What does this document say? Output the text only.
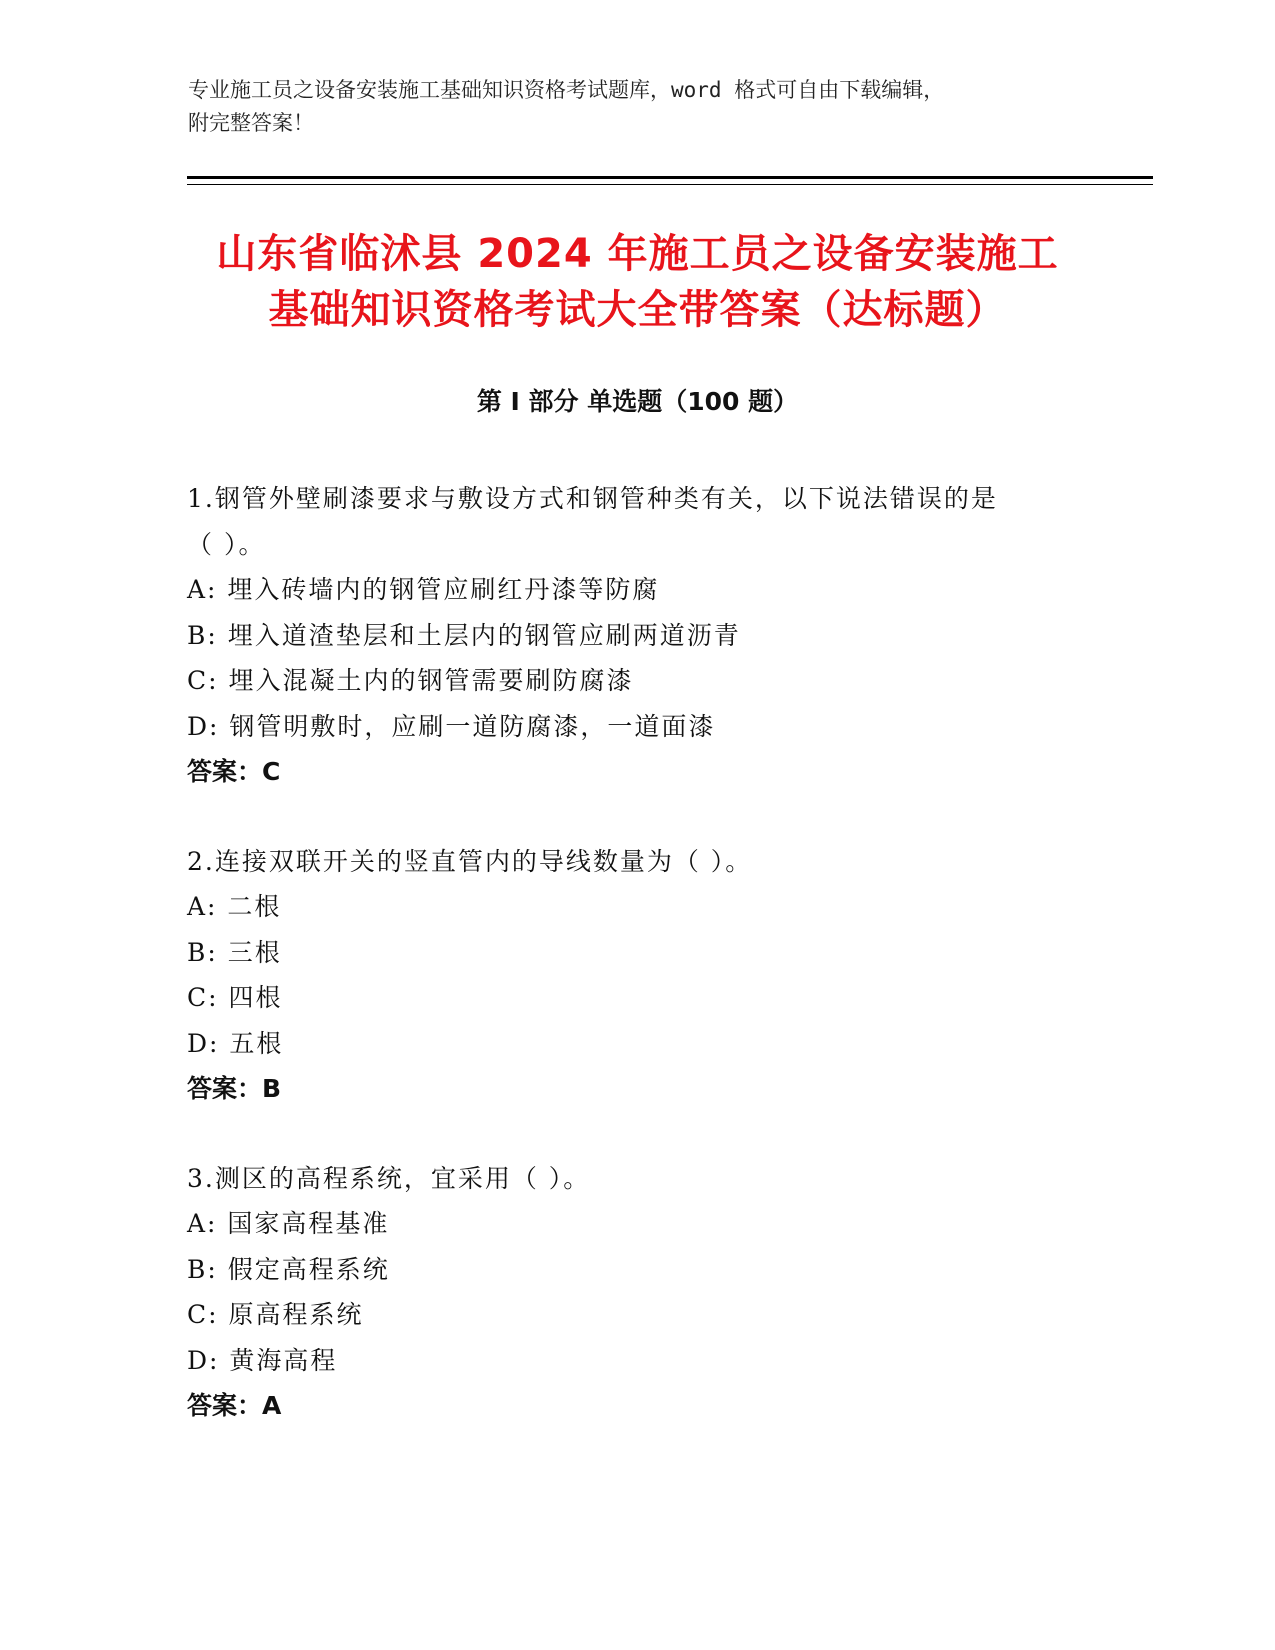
专业施工员之设备安装施工基础知识资格考试题库，word 格式可自由下载编辑，
附完整答案！
山东省临沭县 2024 年施工员之设备安装施工
基础知识资格考试大全带答案（达标题）
第 I 部分 单选题（100 题）
1.钢管外壁刷漆要求与敷设方式和钢管种类有关，以下说法错误的是
（ ）。
A: 埋入砖墙内的钢管应刷红丹漆等防腐
B: 埋入道渣垫层和土层内的钢管应刷两道沥青
C: 埋入混凝土内的钢管需要刷防腐漆
D: 钢管明敷时，应刷一道防腐漆，一道面漆
答案：C
2.连接双联开关的竖直管内的导线数量为（ ）。
A: 二根
B: 三根
C: 四根
D: 五根
答案：B
3.测区的高程系统，宜采用（ ）。
A: 国家高程基准
B: 假定高程系统
C: 原高程系统
D: 黄海高程
答案：A
